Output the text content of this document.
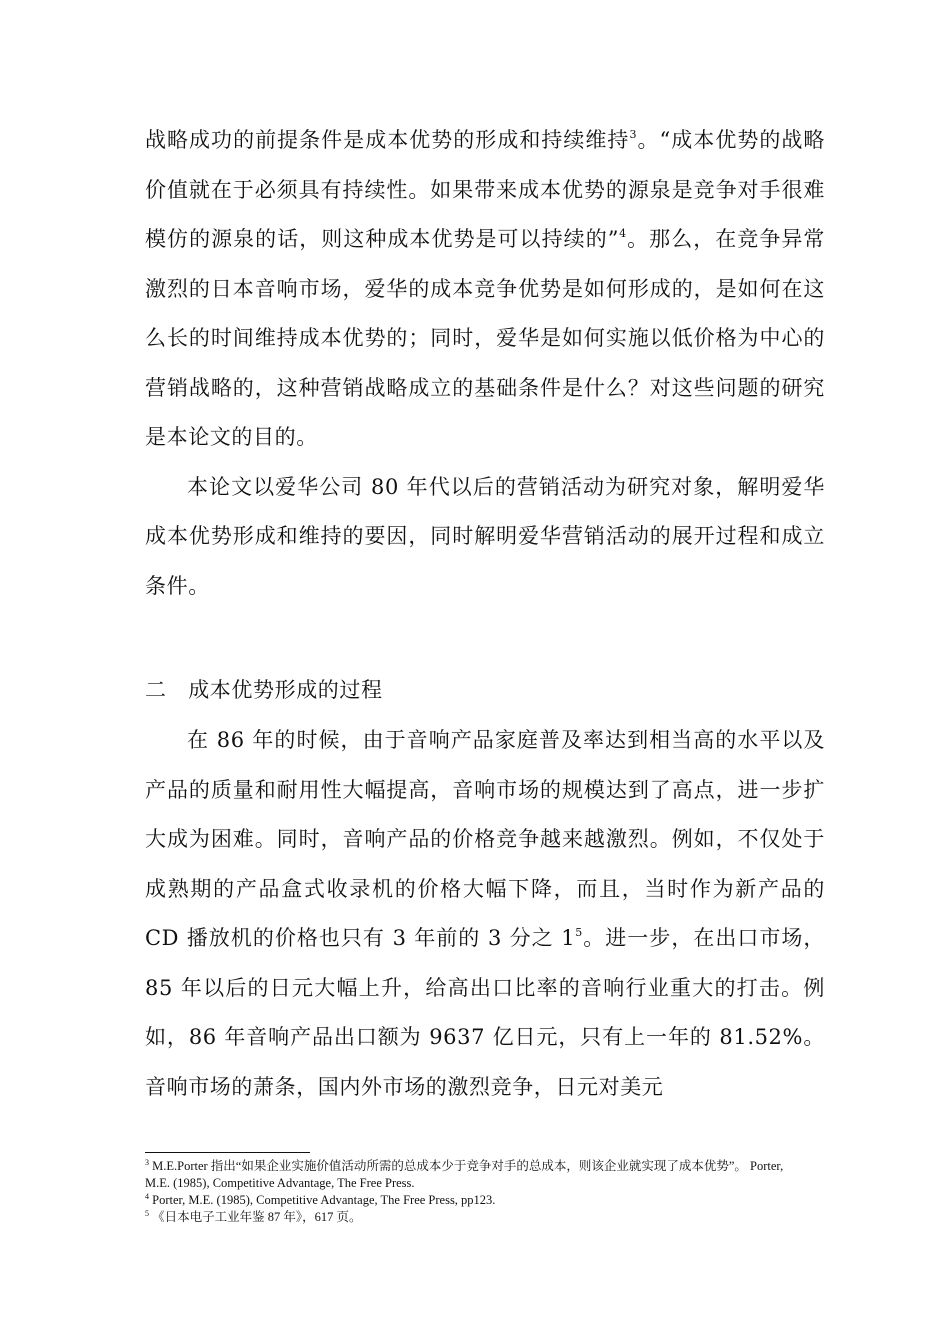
战略成功的前提条件是成本优势的形成和持续维持$^3$。“成本优势的战略价值就在于必须具有持续性。如果带来成本优势的源泉是竞争对手很难模仿的源泉的话，则这种成本优势是可以持续的”$^4$。那么，在竞争异常激烈的日本音响市场，爱华的成本竞争优势是如何形成的，是如何在这么长的时间维持成本优势的；同时，爱华是如何实施以低价格为中心的营销战略的，这种营销战略成立的基础条件是什么？对这些问题的研究是本论文的目的。

本论文以爱华公司 80 年代以后的营销活动为研究对象，解明爱华成本优势形成和维持的要因，同时解明爱华营销活动的展开过程和成立条件。

二　成本优势形成的过程

在 86 年的时候，由于音响产品家庭普及率达到相当高的水平以及产品的质量和耐用性大幅提高，音响市场的规模达到了高点，进一步扩大成为困难。同时，音响产品的价格竞争越来越激烈。例如，不仅处于成熟期的产品盒式收录机的价格大幅下降，而且，当时作为新产品的 CD 播放机的价格也只有 3 年前的 3 分之 $1^5$。进一步，在出口市场，85 年以后的日元大幅上升，给高出口比率的音响行业重大的打击。例如，86 年音响产品出口额为 9637 亿日元，只有上一年的 81.52%。音响市场的萧条，国内外市场的激烈竞争，日元对美元

$^3$ M.E.Porter 指出“如果企业实施价值活动所需的总成本少于竞争对手的总成本，则该企业就实现了成本优势”。 Porter, M.E. (1985), Competitive Advantage, The Free Press.
$^4$ Porter, M.E. (1985), Competitive Advantage, The Free Press, pp123.
$^5$ 《日本电子工业年鉴 87 年》，617 页。
